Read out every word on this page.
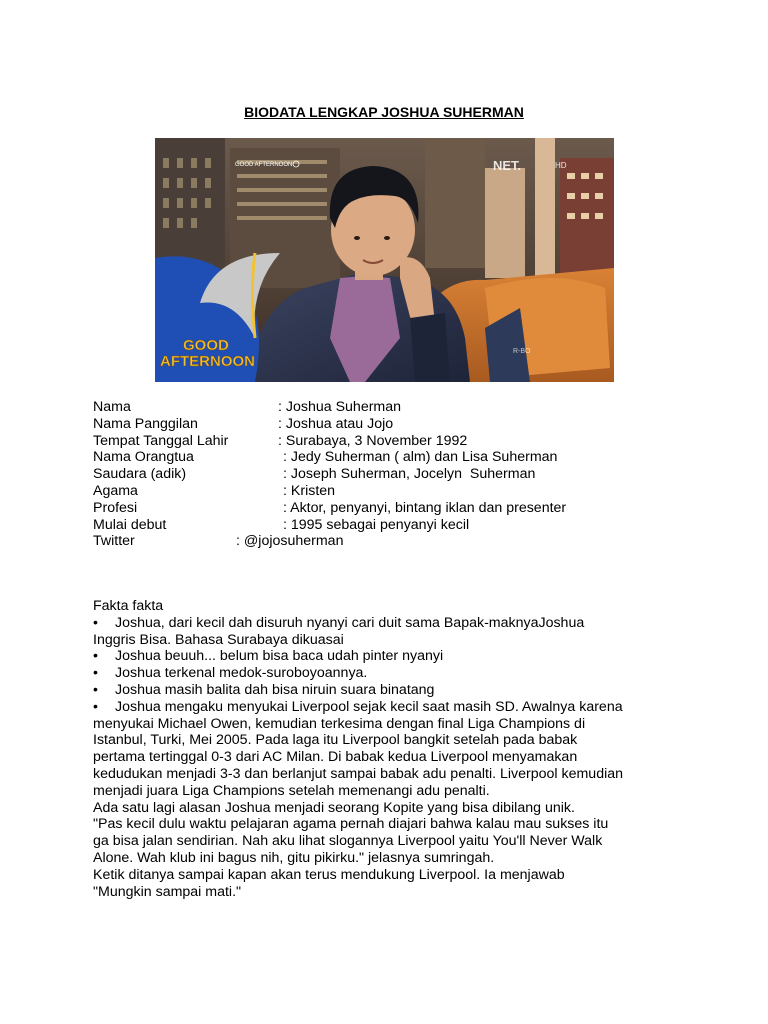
BIODATA LENGKAP JOSHUA SUHERMAN
GOOD
AFTERNOON
GOOD AFTERNOON	NET.	HD
R-BO

Nama

	: Joshua Suherman

Nama Panggilan

	: Joshua atau Jojo

Tempat Tanggal Lahir

	: Surabaya, 3 November 1992

Nama Orangtua

	: Jedy Suherman ( alm) dan Lisa Suherman

Saudara (adik)

	: Joseph Suherman, Jocelyn  Suherman

Agama

	: Kristen

Profesi

	: Aktor, penyanyi, bintang iklan dan presenter

Mulai debut

	: 1995 sebagai penyanyi kecil

Twitter

	: @jojosuherman

Fakta fakta

• Joshua, dari kecil dah disuruh nyanyi cari duit sama Bapak-maknyaJoshua

Inggris Bisa. Bahasa Surabaya dikuasai

• Joshua beuuh... belum bisa baca udah pinter nyanyi

• Joshua terkenal medok-suroboyoannya.

• Joshua masih balita dah bisa niruin suara binatang

• Joshua mengaku menyukai Liverpool sejak kecil saat masih SD. Awalnya karena

menyukai Michael Owen, kemudian terkesima dengan final Liga Champions di

Istanbul, Turki, Mei 2005. Pada laga itu Liverpool bangkit setelah pada babak

pertama tertinggal 0-3 dari AC Milan. Di babak kedua Liverpool menyamakan

kedudukan menjadi 3-3 dan berlanjut sampai babak adu penalti. Liverpool kemudian

menjadi juara Liga Champions setelah memenangi adu penalti.

Ada satu lagi alasan Joshua menjadi seorang Kopite yang bisa dibilang unik.

"Pas kecil dulu waktu pelajaran agama pernah diajari bahwa kalau mau sukses itu

ga bisa jalan sendirian. Nah aku lihat slogannya Liverpool yaitu You'll Never Walk

Alone. Wah klub ini bagus nih, gitu pikirku." jelasnya sumringah.

Ketik ditanya sampai kapan akan terus mendukung Liverpool. Ia menjawab

"Mungkin sampai mati."
